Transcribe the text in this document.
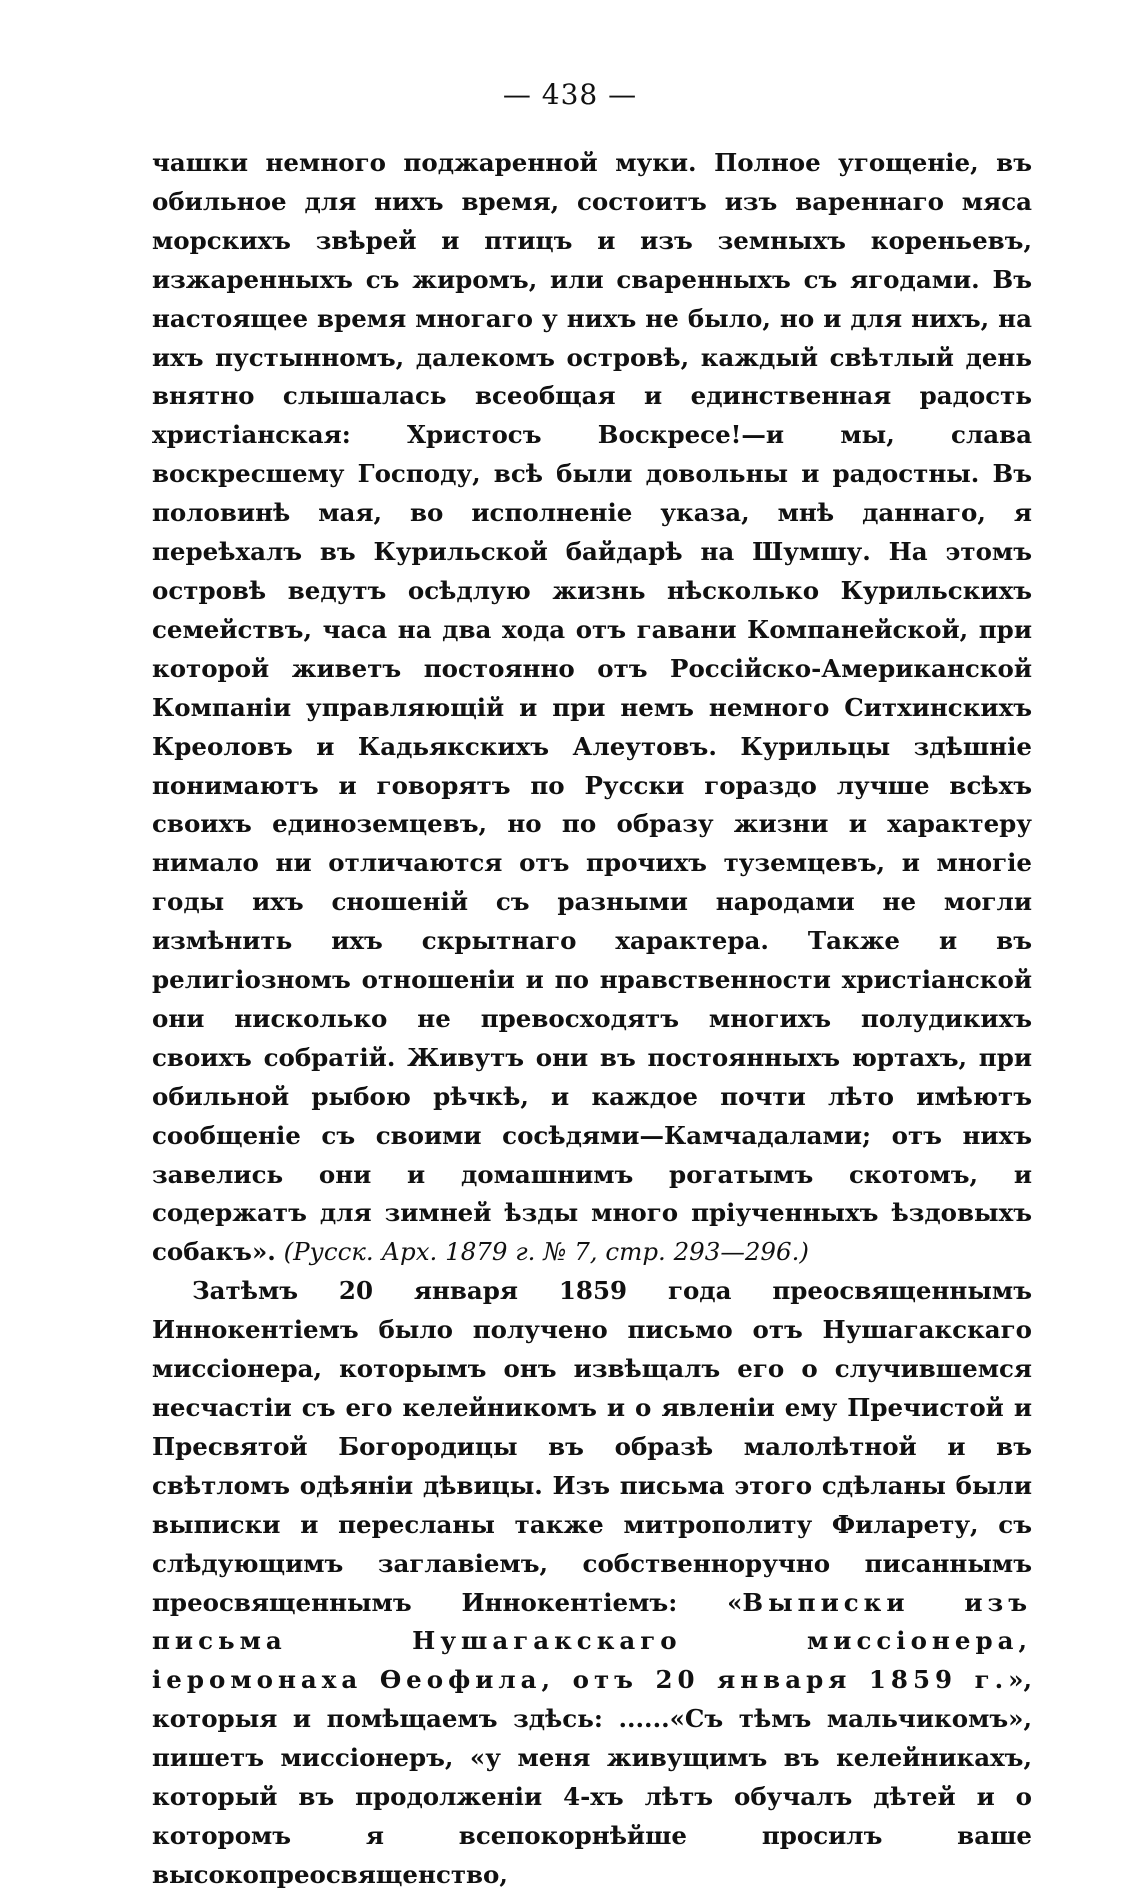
— 438 —

чашки немного поджаренной муки. Полное угощеніе, въ обильное для нихъ время, состоитъ изъ вареннаго мяса морскихъ звѣрей и птицъ и изъ земныхъ кореньевъ, изжаренныхъ съ жиромъ, или сваренныхъ съ ягодами. Въ настоящее время многаго у нихъ не было, но и для нихъ, на ихъ пустынномъ, далекомъ островѣ, каждый свѣтлый день внятно слышалась всеобщая и единственная радость христіанская: Христосъ Воскресе!—и мы, слава воскресшему Господу, всѣ были довольны и радостны. Въ половинѣ мая, во исполненіе указа, мнѣ даннаго, я переѣхалъ въ Курильской байдарѣ на Шумшу. На этомъ островѣ ведутъ осѣдлую жизнь нѣсколько Курильскихъ семействъ, часа на два хода отъ гавани Компанейской, при которой живетъ постоянно отъ Россійско-Американской Компаніи управляющій и при немъ немного Ситхинскихъ Креоловъ и Кадьякскихъ Алеутовъ. Курильцы здѣшніе понимаютъ и говорятъ по Русски гораздо лучше всѣхъ своихъ единоземцевъ, но по образу жизни и характеру нимало ни отличаются отъ прочихъ туземцевъ, и многіе годы ихъ сношеній съ разными народами не могли измѣнить ихъ скрытнаго характера. Также и въ религіозномъ отношеніи и по нравственности христіанской они нисколько не превосходятъ многихъ полудикихъ своихъ собратій. Живутъ они въ постоянныхъ юртахъ, при обильной рыбою рѣчкѣ, и каждое почти лѣто имѣютъ сообщеніе съ своими сосѣдями—Камчадалами; отъ нихъ завелись они и домашнимъ рогатымъ скотомъ, и содержатъ для зимней ѣзды много пріученныхъ ѣздовыхъ собакъ». (Русск. Арх. 1879 г. № 7, стр. 293—296.)

Затѣмъ 20 января 1859 года преосвященнымъ Иннокентіемъ было получено письмо отъ Нушагакскаго миссіонера, которымъ онъ извѣщалъ его о случившемся несчастіи съ его келейникомъ и о явленіи ему Пречистой и Пресвятой Богородицы въ образѣ малолѣтной и въ свѣтломъ одѣяніи дѣвицы. Изъ письма этого сдѣланы были выписки и пересланы также митрополиту Филарету, съ слѣдующимъ заглавіемъ, собственноручно писаннымъ преосвященнымъ Иннокентіемъ: «Выписки изъ письма Нушагакскаго миссіонера, іеромонаха Ѳеофила, отъ 20 января 1859 г.», которыя и помѣщаемъ здѣсь: ......«Съ тѣмъ мальчикомъ», пишетъ миссіонеръ, «у меня живущимъ въ келейникахъ, который въ продолженіи 4-хъ лѣтъ обучалъ дѣтей и о которомъ я всепокорнѣйше просилъ ваше высокопреосвященство,
